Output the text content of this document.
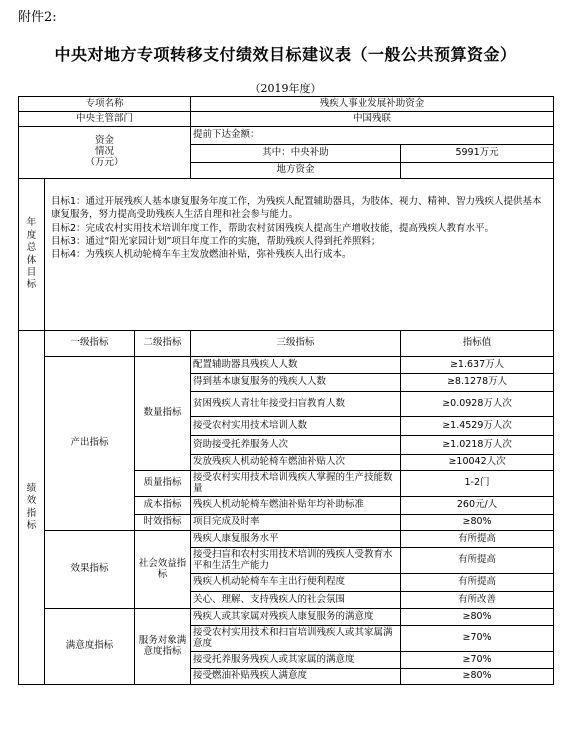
附件2:
中央对地方专项转移支付绩效目标建议表（一般公共预算资金）
（2019年度）
专项名称			残疾人事业发展补助资金	
中央主管部门			中国残联	

资金
情况
（万元）			提前下达金额：	
			其中：中央补助	5991万元
			地方资金	
年度总体目标	目标1：通过开展残疾人基本康复服务年度工作，为残疾人配置辅助器具，为肢体、视力、精神、智力残疾人提供基本康复服务，努力提高受助残疾人生活自理和社会参与能力。
目标2：完成农村实用技术培训年度工作，帮助农村贫困残疾人提高生产增收技能，提高残疾人教育水平。
目标3：通过“阳光家园计划”项目年度工作的实施，帮助残疾人得到托养照料；
目标4：为残疾人机动轮椅车车主发放燃油补贴，弥补残疾人出行成本。			

绩效指标	一级指标	二级指标	三级指标	指标值
	产出指标	数量指标	配置辅助器具残疾人人数	≥1.637万人
			得到基本康复服务的残疾人人数	≥8.1278万人
			贫困残疾人青壮年接受扫盲教育人数	≥0.0928万人次
			接受农村实用技术培训人数	≥1.4529万人次
			资助接受托养服务人次	≥1.0218万人次
			发放残疾人机动轮椅车燃油补贴人次	≥10042人次
		质量指标	接受农村实用技术培训残疾人掌握的生产技能数量	1-2门
		成本指标	残疾人机动轮椅车燃油补贴年均补助标准	260元/人
		时效指标	项目完成及时率	≥80%
	效果指标	社会效益指标	残疾人康复服务水平	有所提高
			接受扫盲和农村实用技术培训的残疾人受教育水平和生活生产能力	有所提高
			残疾人机动轮椅车车主出行便利程度	有所提高
			关心、理解、支持残疾人的社会氛围	有所改善
	满意度指标	服务对象满意度指标	残疾人或其家属对残疾人康复服务的满意度	≥80%
			接受农村实用技术和扫盲培训残疾人或其家属满意度	≥70%
			接受托养服务残疾人或其家属的满意度	≥70%
			接受燃油补贴残疾人满意度	≥80%
